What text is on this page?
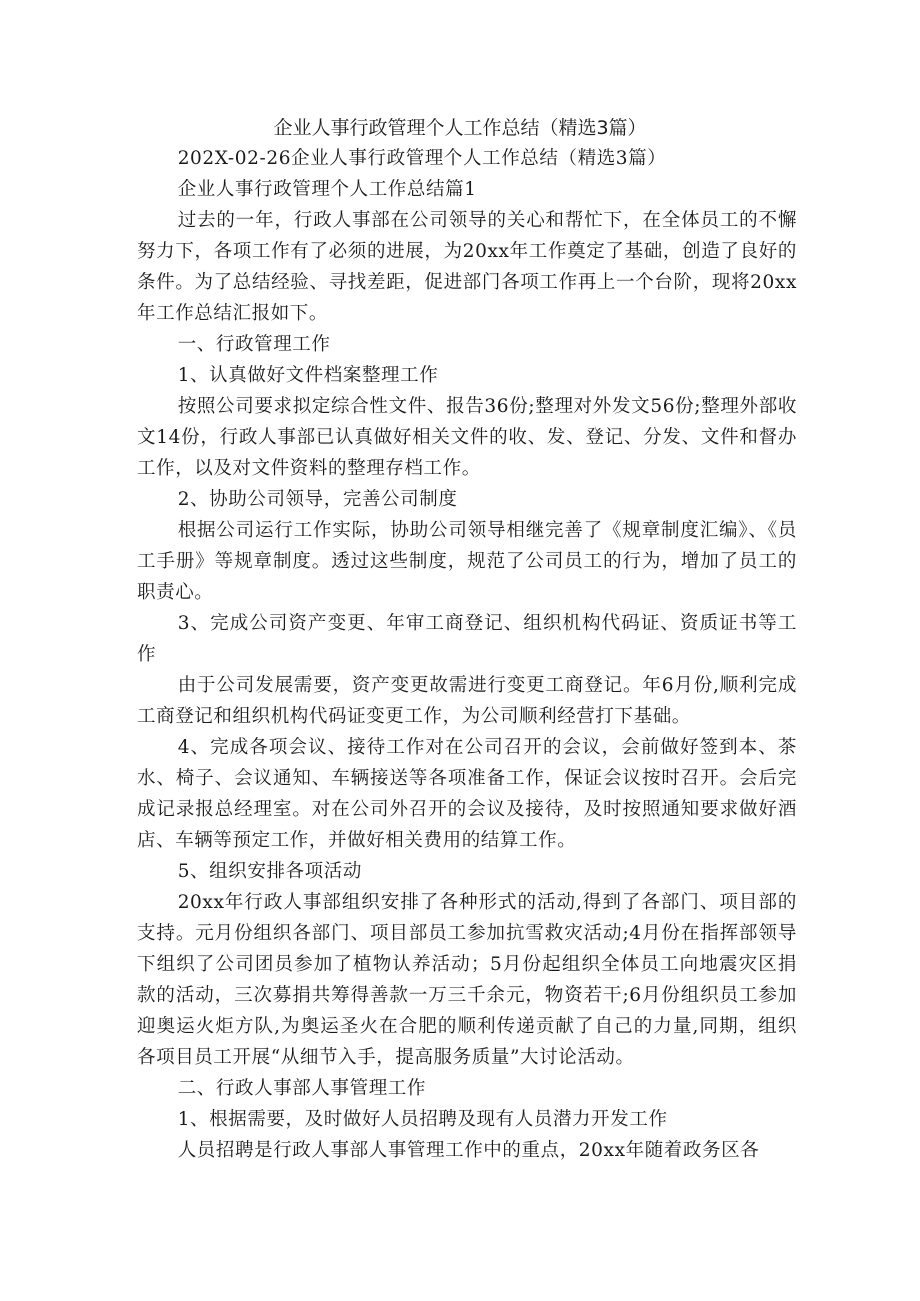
企业人事行政管理个人工作总结（精选3篇）

202X-02-26企业人事行政管理个人工作总结（精选3篇）

企业人事行政管理个人工作总结篇1

过去的一年，行政人事部在公司领导的关心和帮忙下，在全体员工的不懈努力下，各项工作有了必须的进展，为20xx年工作奠定了基础，创造了良好的条件。为了总结经验、寻找差距，促进部门各项工作再上一个台阶，现将20xx年工作总结汇报如下。

一、行政管理工作

1、认真做好文件档案整理工作

按照公司要求拟定综合性文件、报告36份;整理对外发文56份;整理外部收文14份，行政人事部已认真做好相关文件的收、发、登记、分发、文件和督办工作，以及对文件资料的整理存档工作。

2、协助公司领导，完善公司制度

根据公司运行工作实际，协助公司领导相继完善了《规章制度汇编》、《员工手册》等规章制度。透过这些制度，规范了公司员工的行为，增加了员工的职责心。

3、完成公司资产变更、年审工商登记、组织机构代码证、资质证书等工作

由于公司发展需要，资产变更故需进行变更工商登记。年6月份,顺利完成工商登记和组织机构代码证变更工作，为公司顺利经营打下基础。

4、完成各项会议、接待工作对在公司召开的会议，会前做好签到本、茶水、椅子、会议通知、车辆接送等各项准备工作，保证会议按时召开。会后完成记录报总经理室。对在公司外召开的会议及接待，及时按照通知要求做好酒店、车辆等预定工作，并做好相关费用的结算工作。

5、组织安排各项活动

20xx年行政人事部组织安排了各种形式的活动,得到了各部门、项目部的支持。元月份组织各部门、项目部员工参加抗雪救灾活动;4月份在指挥部领导下组织了公司团员参加了植物认养活动；5月份起组织全体员工向地震灾区捐款的活动，三次募捐共筹得善款一万三千余元，物资若干;6月份组织员工参加迎奥运火炬方队,为奥运圣火在合肥的顺利传递贡献了自己的力量,同期，组织各项目员工开展“从细节入手，提高服务质量”大讨论活动。

二、行政人事部人事管理工作

1、根据需要，及时做好人员招聘及现有人员潜力开发工作

人员招聘是行政人事部人事管理工作中的重点，20xx年随着政务区各
